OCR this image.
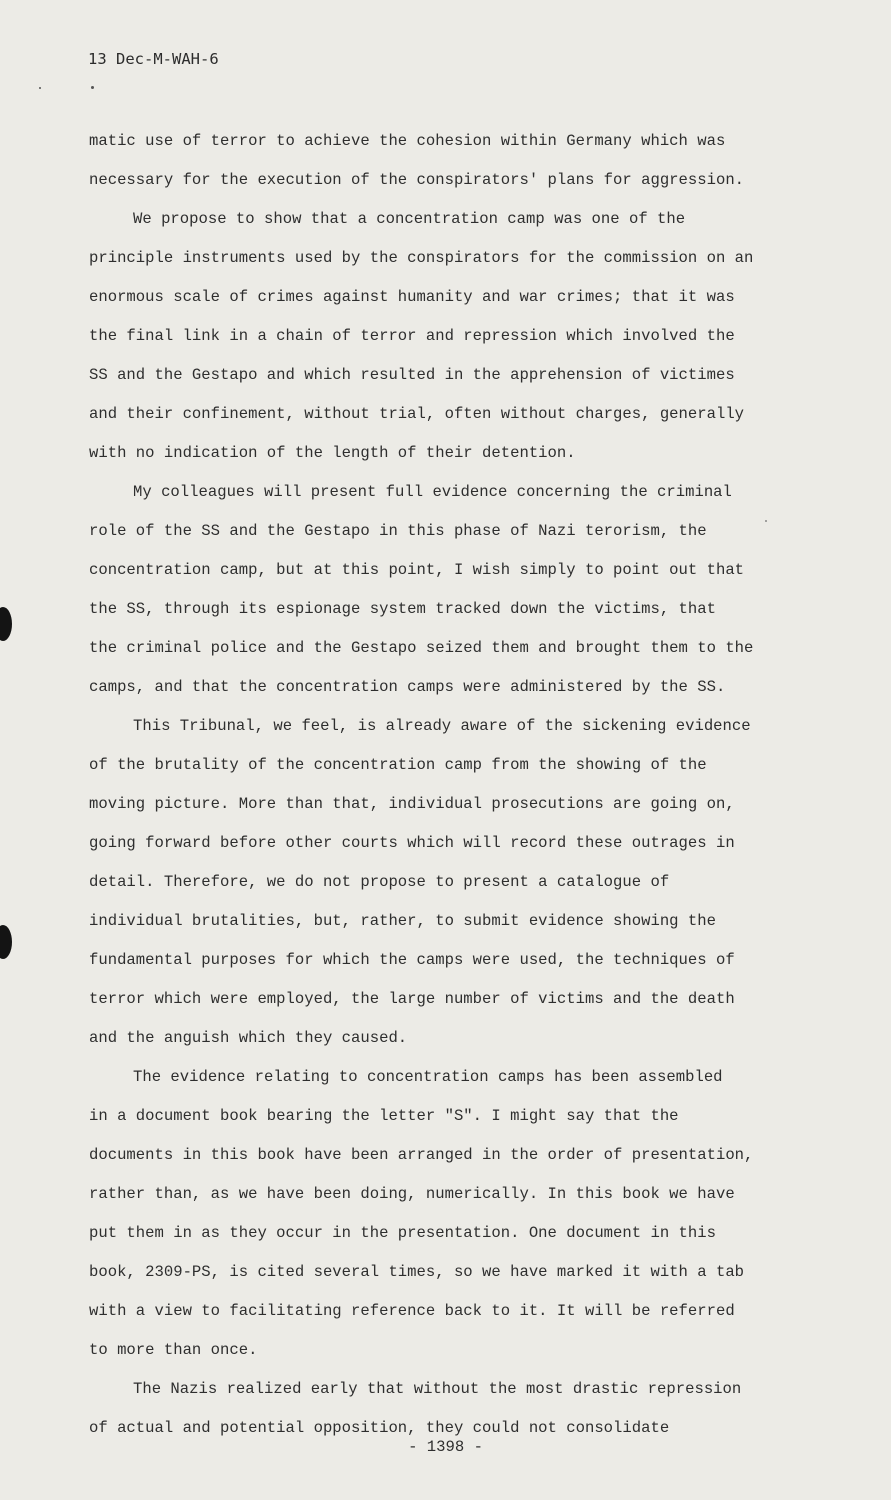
13 Dec-M-WAH-6
matic use of terror to achieve the cohesion within Germany which was
necessary for the execution of the conspirators' plans for aggression.
We propose to show that a concentration camp was one of the
principle instruments used by the conspirators for the commission on an
enormous scale of crimes against humanity and war crimes; that it was
the final link in a chain of terror and repression which involved the
SS and the Gestapo and which resulted in the apprehension of victimes
and their confinement, without trial, often without charges, generally
with no indication of the length of their detention.
My colleagues will present full evidence concerning the criminal
role of the SS and the Gestapo in this phase of Nazi terorism, the
concentration camp, but at this point, I wish simply to point out that
the SS, through its espionage system tracked down the victims, that
the criminal police and the Gestapo seized them and brought them to the
camps, and that the concentration camps were administered by the SS.
This Tribunal, we feel, is already aware of the sickening evidence
of the brutality of the concentration camp from the showing of the
moving picture. More than that, individual prosecutions are going on,
going forward before other courts which will record these outrages in
detail. Therefore, we do not propose to present a catalogue of
individual brutalities, but, rather, to submit evidence showing the
fundamental purposes for which the camps were used, the techniques of
terror which were employed, the large number of victims and the death
and the anguish which they caused.
The evidence relating to concentration camps has been assembled
in a document book bearing the letter "S". I might say that the
documents in this book have been arranged in the order of presentation,
rather than, as we have been doing, numerically. In this book we have
put them in as they occur in the presentation. One document in this
book, 2309-PS, is cited several times, so we have marked it with a tab
with a view to facilitating reference back to it. It will be referred
to more than once.
The Nazis realized early that without the most drastic repression
of actual and potential opposition, they could not consolidate
- 1398 -
